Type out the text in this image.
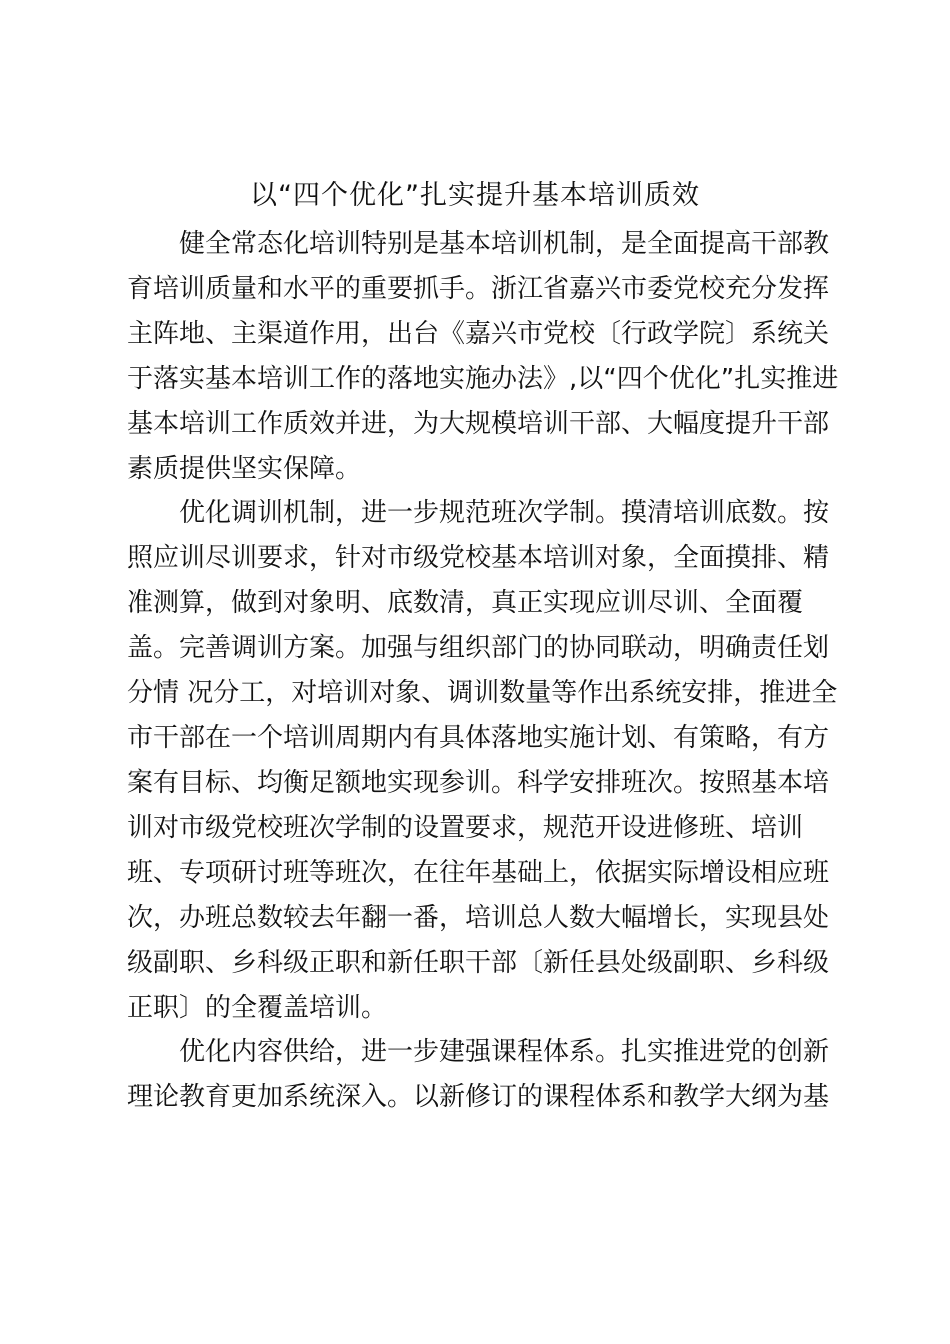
以“四个优化”扎实提升基本培训质效
　　健全常态化培训特别是基本培训机制，是全面提高干部教
育培训质量和水平的重要抓手。浙江省嘉兴市委党校充分发挥
主阵地、主渠道作用，出台《嘉兴市党校〔行政学院〕系统关
于落实基本培训工作的落地实施办法》,以“四个优化”扎实推进
基本培训工作质效并进，为大规模培训干部、大幅度提升干部
素质提供坚实保障。
　　优化调训机制，进一步规范班次学制。摸清培训底数。按
照应训尽训要求，针对市级党校基本培训对象，全面摸排、精
准测算，做到对象明、底数清，真正实现应训尽训、全面覆
盖。完善调训方案。加强与组织部门的协同联动，明确责任划
分情 况分工，对培训对象、调训数量等作出系统安排，推进全
市干部在一个培训周期内有具体落地实施计划、有策略，有方
案有目标、均衡足额地实现参训。科学安排班次。按照基本培
训对市级党校班次学制的设置要求，规范开设进修班、培训
班、专项研讨班等班次，在往年基础上，依据实际增设相应班
次，办班总数较去年翻一番，培训总人数大幅增长，实现县处
级副职、乡科级正职和新任职干部〔新任县处级副职、乡科级
正职〕的全覆盖培训。
　　优化内容供给，进一步建强课程体系。扎实推进党的创新
理论教育更加系统深入。以新修订的课程体系和教学大纲为基
